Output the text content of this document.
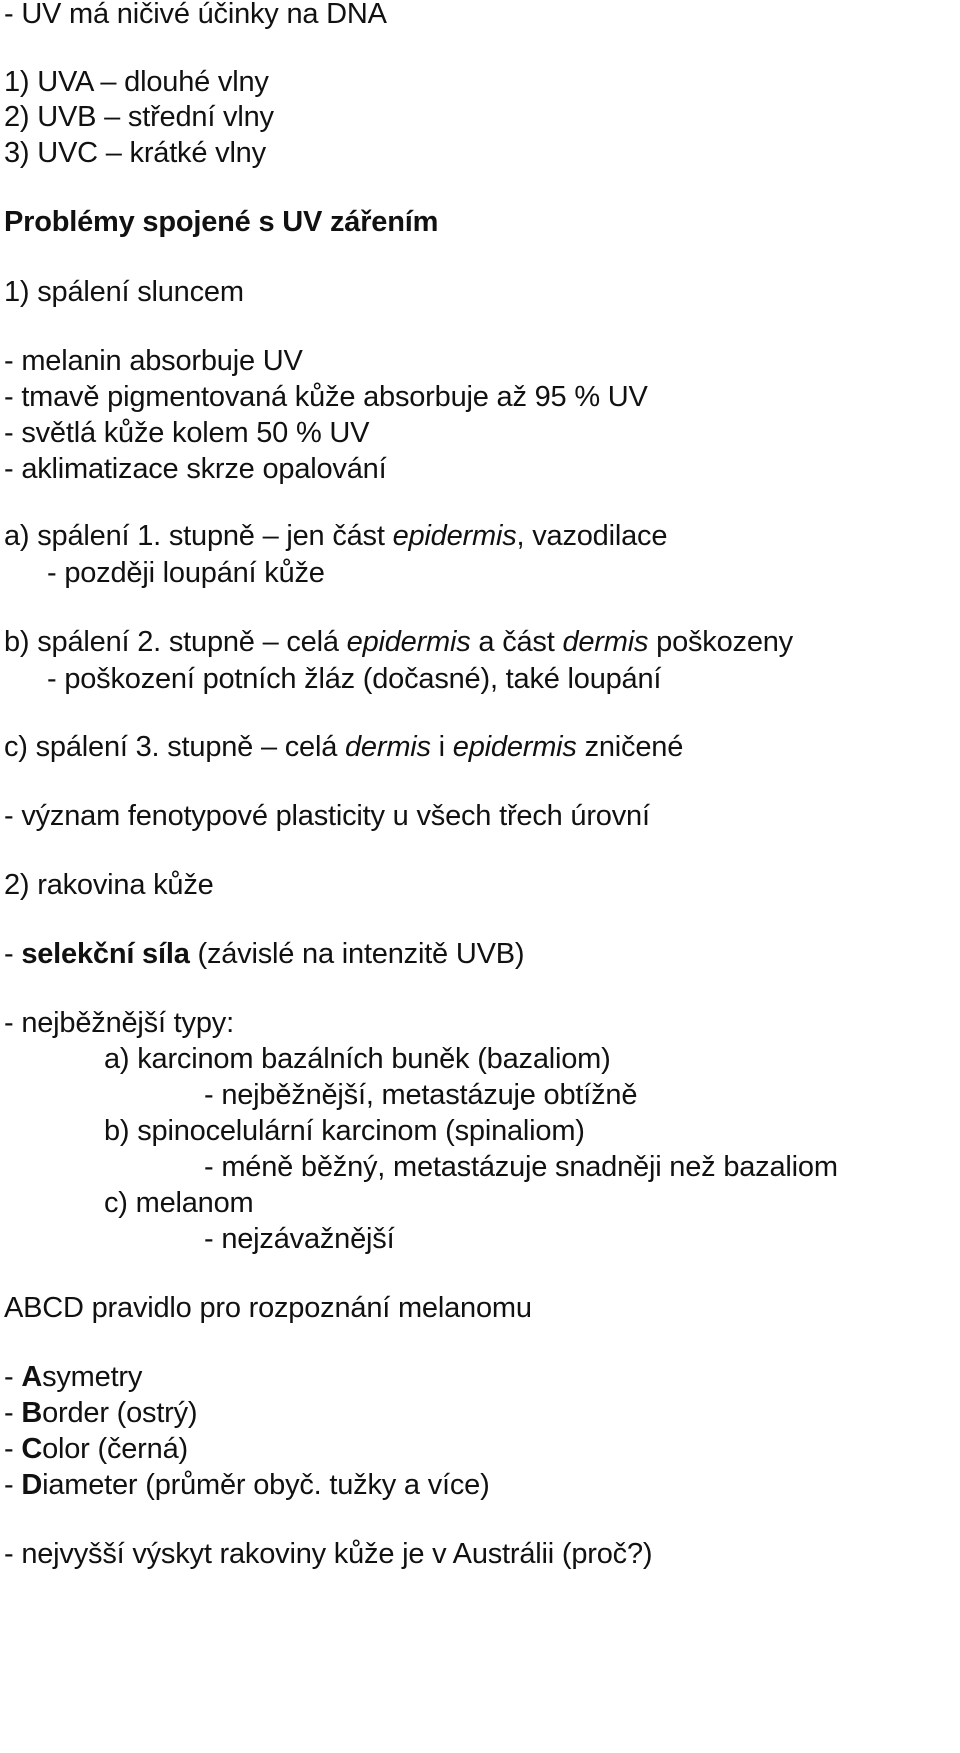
- UV má ničivé účinky na DNA
1) UVA – dlouhé vlny
2) UVB – střední vlny
3) UVC – krátké vlny
Problémy spojené s UV zářením
1) spálení sluncem
- melanin absorbuje UV
- tmavě pigmentovaná kůže absorbuje až 95 % UV
- světlá kůže kolem 50 % UV
- aklimatizace skrze opalování
a) spálení 1. stupně – jen část epidermis, vazodilace
- později loupání kůže
b) spálení 2. stupně – celá epidermis a část dermis poškozeny
- poškození potních žláz (dočasné), také loupání
c) spálení 3. stupně – celá dermis i epidermis zničené
- význam fenotypové plasticity u všech třech úrovní
2) rakovina kůže
- selekční síla (závislé na intenzitě UVB)
- nejběžnější typy:
a) karcinom bazálních buněk (bazaliom)
- nejběžnější, metastázuje obtížně
b) spinocelulární karcinom (spinaliom)
- méně běžný, metastázuje snadněji než bazaliom
c) melanom
- nejzávažnější
ABCD pravidlo pro rozpoznání melanomu
- Asymetry
- Border (ostrý)
- Color (černá)
- Diameter (průměr obyč. tužky a více)
- nejvyšší výskyt rakoviny kůže je v Austrálii (proč?)
